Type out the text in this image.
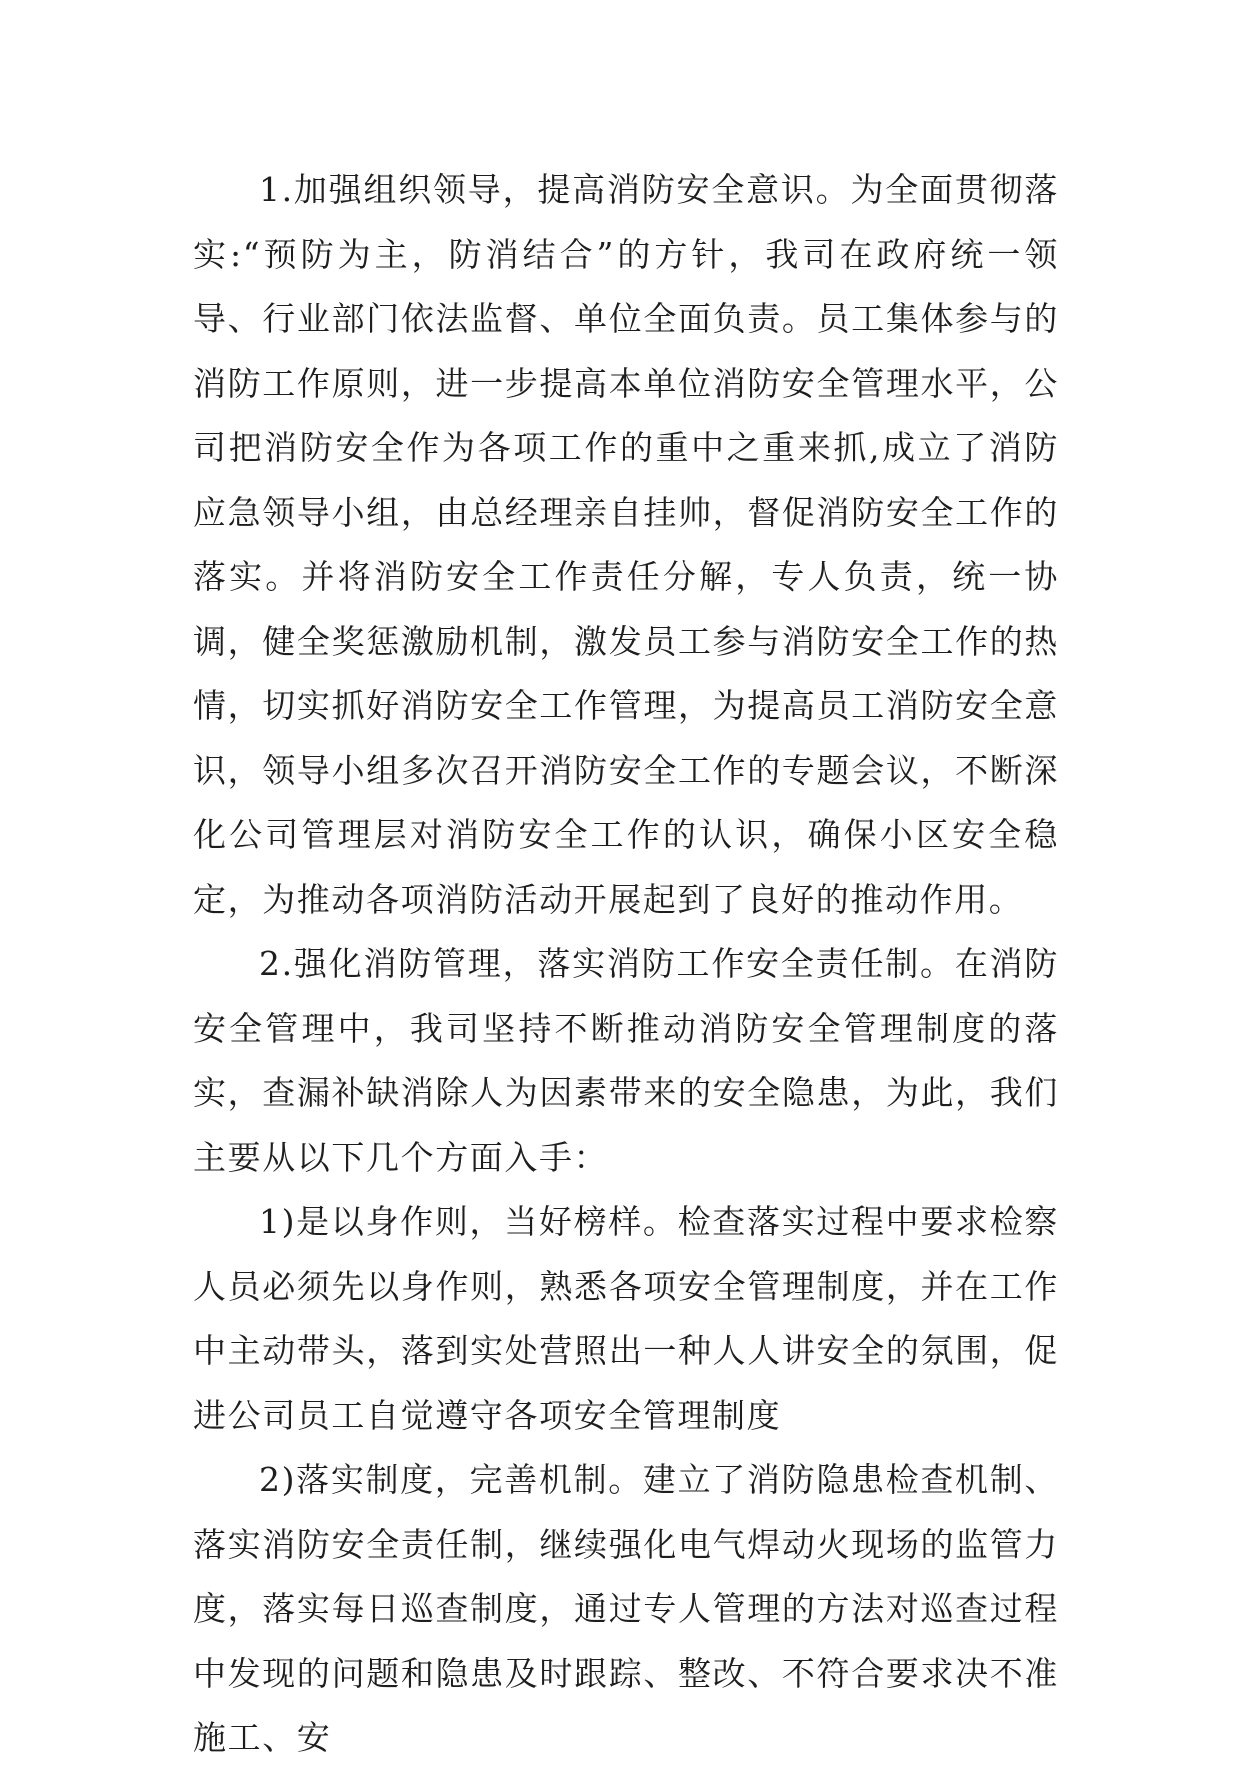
1.加强组织领导，提高消防安全意识。为全面贯彻落实:“预防为主，防消结合”的方针，我司在政府统一领导、行业部门依法监督、单位全面负责。员工集体参与的消防工作原则，进一步提高本单位消防安全管理水平，公司把消防安全作为各项工作的重中之重来抓,成立了消防应急领导小组，由总经理亲自挂帅，督促消防安全工作的落实。并将消防安全工作责任分解，专人负责，统一协调，健全奖惩激励机制，激发员工参与消防安全工作的热情，切实抓好消防安全工作管理，为提高员工消防安全意识，领导小组多次召开消防安全工作的专题会议，不断深化公司管理层对消防安全工作的认识，确保小区安全稳定，为推动各项消防活动开展起到了良好的推动作用。

2.强化消防管理，落实消防工作安全责任制。在消防安全管理中，我司坚持不断推动消防安全管理制度的落实，查漏补缺消除人为因素带来的安全隐患，为此，我们主要从以下几个方面入手：

1)是以身作则，当好榜样。检查落实过程中要求检察人员必须先以身作则，熟悉各项安全管理制度，并在工作中主动带头，落到实处营照出一种人人讲安全的氛围，促进公司员工自觉遵守各项安全管理制度

2)落实制度，完善机制。建立了消防隐患检查机制、落实消防安全责任制，继续强化电气焊动火现场的监管力度，落实每日巡查制度，通过专人管理的方法对巡查过程中发现的问题和隐患及时跟踪、整改、不符合要求决不准施工、安
